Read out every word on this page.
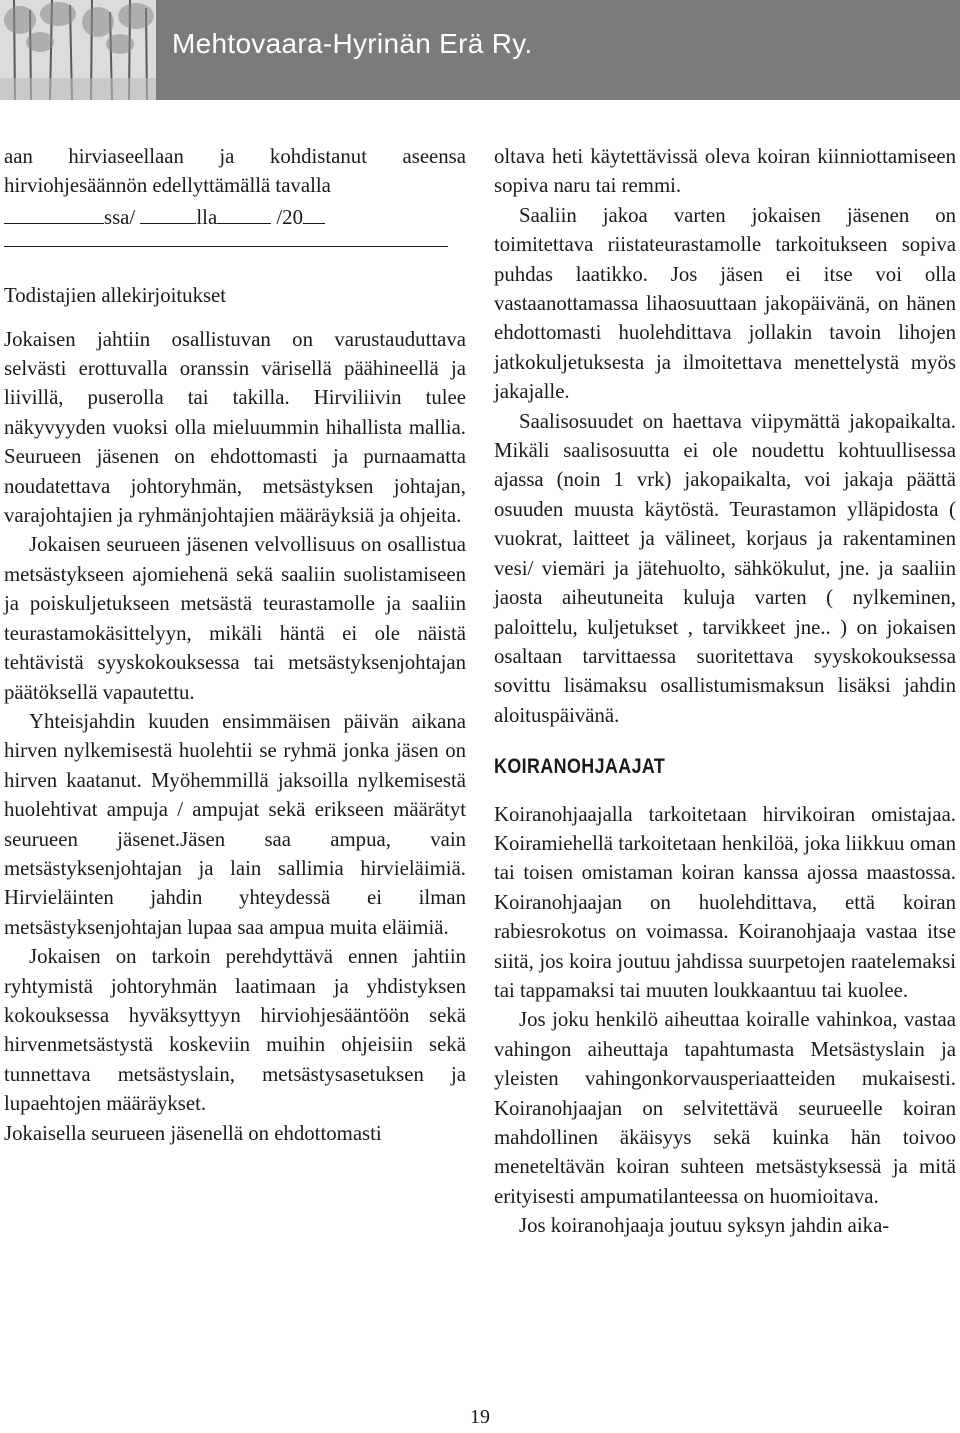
Mehtovaara-Hyrinän Erä Ry.

aan hirviaseellaan ja kohdistanut aseensa hirviohjesäännön edellyttämällä tavalla

ssa/	lla	/20

Todistajien allekirjoitukset

Jokaisen jahtiin osallistuvan on varustauduttava selvästi erottuvalla oranssin värisellä päähineellä ja liivillä, puserolla tai takilla. Hirviliivin tulee näkyvyyden vuoksi olla mieluummin hihallista mallia. Seurueen jäsenen on ehdottomasti ja purnaamatta noudatettava johtoryhmän, metsästyksen johtajan, varajohtajien ja ryhmänjohtajien määräyksiä ja ohjeita.

Jokaisen seurueen jäsenen velvollisuus on osallistua metsästykseen ajomiehenä sekä saaliin suolistamiseen ja poiskuljetukseen metsästä teurastamolle ja saaliin teurastamokäsittelyyn, mikäli häntä ei ole näistä tehtävistä syyskokouksessa tai metsästyksenjohtajan päätöksellä vapautettu.

Yhteisjahdin kuuden ensimmäisen päivän aikana hirven nylkemisestä huolehtii se ryhmä jonka jäsen on hirven kaatanut. Myöhemmillä jaksoilla nylkemisestä huolehtivat ampuja / ampujat sekä erikseen määrätyt seurueen jäsenet.Jäsen saa ampua, vain metsästyksenjohtajan ja lain sallimia hirvieläimiä. Hirvieläinten jahdin yhteydessä ei ilman metsästyksenjohtajan lupaa saa ampua muita eläimiä.

Jokaisen on tarkoin perehdyttävä ennen jahtiin ryhtymistä johtoryhmän laatimaan ja yhdistyksen kokouksessa hyväksyttyyn hirviohjesääntöön sekä hirvenmetsästystä koskeviin muihin ohjeisiin sekä tunnettava metsästyslain, metsästysasetuksen ja lupaehtojen määräykset.

Jokaisella seurueen jäsenellä on ehdottomasti

oltava heti käytettävissä oleva koiran kiinniottamiseen sopiva naru tai remmi.

Saaliin jakoa varten jokaisen jäsenen on toimitettava riistateurastamolle tarkoitukseen sopiva puhdas laatikko. Jos jäsen ei itse voi olla vastaanottamassa lihaosuuttaan jakopäivänä, on hänen ehdottomasti huolehdittava jollakin tavoin lihojen jatkokuljetuksesta ja ilmoitettava menettelystä myös jakajalle.

Saalisosuudet on haettava viipymättä jakopaikalta. Mikäli saalisosuutta ei ole noudettu kohtuullisessa ajassa (noin 1 vrk) jakopaikalta, voi jakaja päättä osuuden muusta käytöstä. Teurastamon ylläpidosta ( vuokrat, laitteet ja välineet, korjaus ja rakentaminen vesi/ viemäri ja jätehuolto, sähkökulut, jne. ja saaliin jaosta aiheutuneita kuluja varten ( nylkeminen, paloittelu, kuljetukset , tarvikkeet jne.. ) on jokaisen osaltaan tarvittaessa suoritettava syyskokouksessa sovittu lisämaksu osallistumismaksun lisäksi jahdin aloituspäivänä.

KOIRANOHJAAJAT

Koiranohjaajalla tarkoitetaan hirvikoiran omistajaa. Koiramiehellä tarkoitetaan henkilöä, joka liikkuu oman tai toisen omistaman koiran kanssa ajossa maastossa. Koiranohjaajan on huolehdittava, että koiran rabiesrokotus on voimassa. Koiranohjaaja vastaa itse siitä, jos koira joutuu jahdissa suurpetojen raatelemaksi tai tappamaksi tai muuten loukkaantuu tai kuolee.

Jos joku henkilö aiheuttaa koiralle vahinkoa, vastaa vahingon aiheuttaja tapahtumasta Metsästyslain ja yleisten vahingonkorvausperiaatteiden mukaisesti. Koiranohjaajan on selvitettävä seurueelle koiran mahdollinen äkäisyys sekä kuinka hän toivoo meneteltävän koiran suhteen metsästyksessä ja mitä erityisesti ampumatilanteessa on huomioitava.

Jos koiranohjaaja joutuu syksyn jahdin aika-

19
